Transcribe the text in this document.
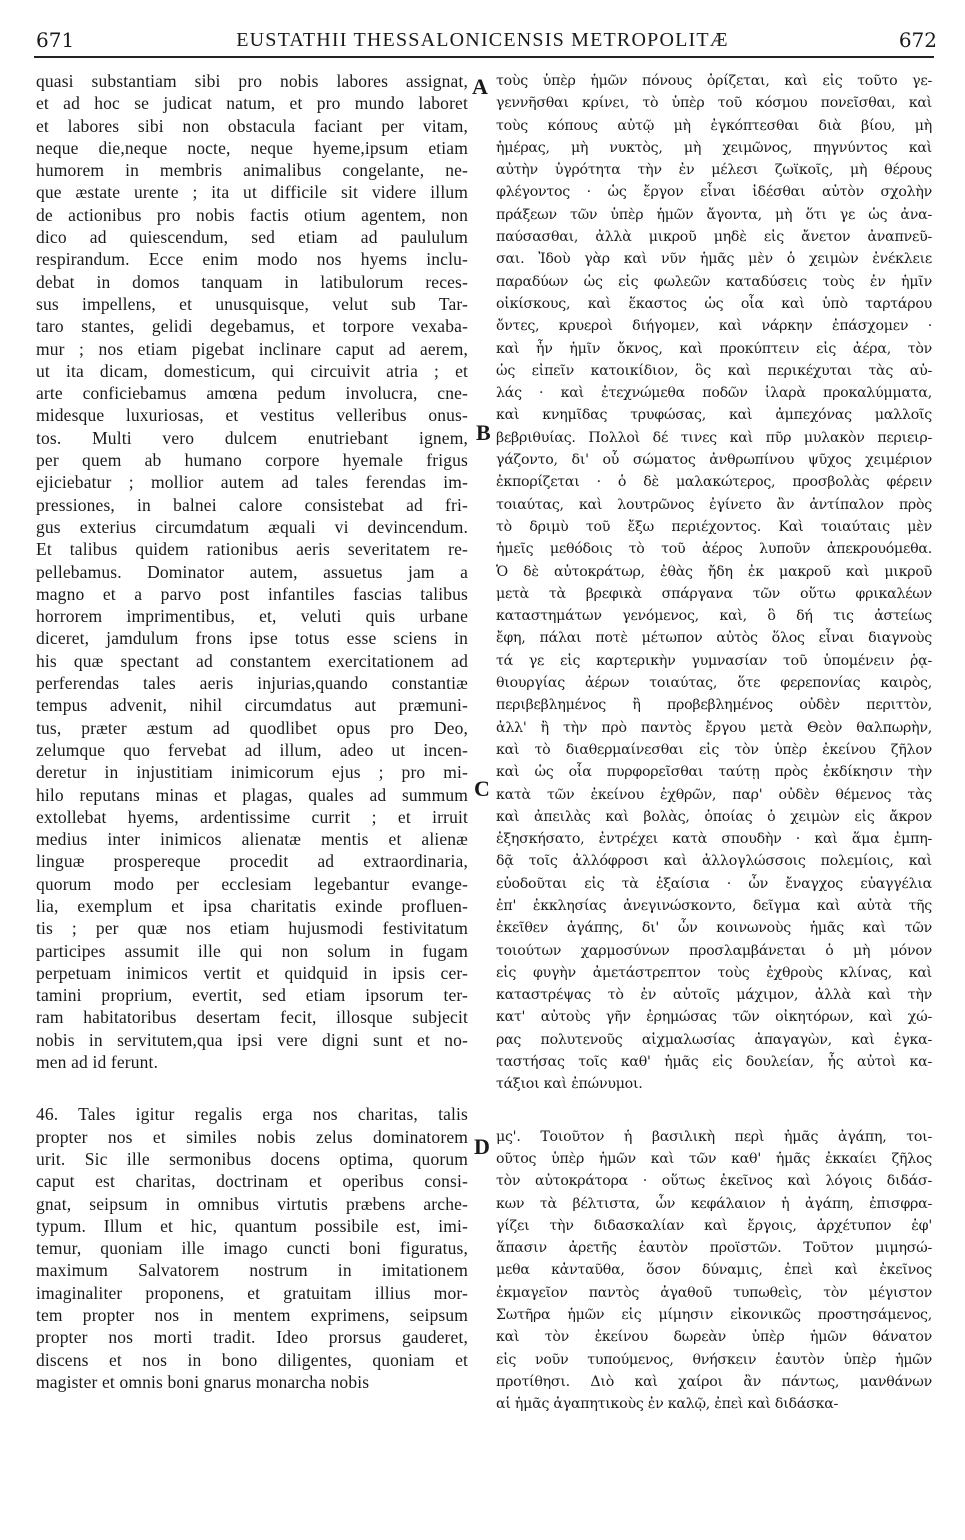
671	EUSTATHII THESSALONICENSIS METROPOLITÆ	672
quasi substantiam sibi pro nobis labores assignat,
et ad hoc se judicat natum, et pro mundo laboret
et labores sibi non obstacula faciant per vitam,
neque die,neque nocte, neque hyeme,ipsum etiam
humorem in membris animalibus congelante, ne-
que æstate urente ; ita ut difficile sit videre illum
de actionibus pro nobis factis otium agentem, non
dico ad quiescendum, sed etiam ad paululum
respirandum. Ecce enim modo nos hyems inclu-
debat in domos tanquam in latibulorum reces-
sus impellens, et unusquisque, velut sub Tar-
taro stantes, gelidi degebamus, et torpore vexaba-
mur ; nos etiam pigebat inclinare caput ad aerem,
ut ita dicam, domesticum, qui circuivit atria ; et
arte conficiebamus amœna pedum involucra, cne-
midesque luxuriosas, et vestitus velleribus onus-
tos. Multi vero dulcem enutriebant ignem,
per quem ab humano corpore hyemale frigus
ejiciebatur ; mollior autem ad tales ferendas im-
pressiones, in balnei calore consistebat ad fri-
gus exterius circumdatum æquali vi devincendum.
Et talibus quidem rationibus aeris severitatem re-
pellebamus. Dominator autem, assuetus jam a
magno et a parvo post infantiles fascias talibus
horrorem imprimentibus, et, veluti quis urbane
diceret, jamdulum frons ipse totus esse sciens in
his quæ spectant ad constantem exercitationem ad
perferendas tales aeris injurias,quando constantiæ
tempus advenit, nihil circumdatus aut præmuni-
tus, præter æstum ad quodlibet opus pro Deo,
zelumque quo fervebat ad illum, adeo ut incen-
deretur in injustitiam inimicorum ejus ; pro mi-
hilo reputans minas et plagas, quales ad summum
extollebat hyems, ardentissime currit ; et irruit
medius inter inimicos alienatæ mentis et alienæ
linguæ prospereque procedit ad extraordinaria,
quorum modo per ecclesiam legebantur evange-
lia, exemplum et ipsa charitatis exinde profluen-
tis ; per quæ nos etiam hujusmodi festivitatum
participes assumit ille qui non solum in fugam
perpetuam inimicos vertit et quidquid in ipsis cer-
tamini proprium, evertit, sed etiam ipsorum ter-
ram habitatoribus desertam fecit, illosque subjecit
nobis in servitutem,qua ipsi vere digni sunt et no-
men ad id ferunt.
46. Tales igitur regalis erga nos charitas, talis
propter nos et similes nobis zelus dominatorem
urit. Sic ille sermonibus docens optima, quorum
caput est charitas, doctrinam et operibus consi-
gnat, seipsum in omnibus virtutis præbens arche-
typum. Illum et hic, quantum possibile est, imi-
temur, quoniam ille imago cuncti boni figuratus,
maximum Salvatorem nostrum in imitationem
imaginaliter proponens, et gratuitam illius mor-
tem propter nos in mentem exprimens, seipsum
propter nos morti tradit. Ideo prorsus gauderet,
discens et nos in bono diligentes, quoniam et
magister et omnis boni gnarus monarcha nobis
τοὺς ὑπὲρ ἡμῶν πόνους ὁρίζεται, καὶ εἰς τοῦτο γε-
γεννῆσθαι κρίνει, τὸ ὑπὲρ τοῦ κόσμου πονεῖσθαι, καὶ
τοὺς κόπους αὐτῷ μὴ ἐγκόπτεσθαι διὰ βίου, μὴ
ἡμέρας, μὴ νυκτὸς, μὴ χειμῶνος, πηγνύντος καὶ
αὐτὴν ὑγρότητα τὴν ἐν μέλεσι ζωϊκοῖς, μὴ θέρους
φλέγοντος · ὡς ἔργον εἶναι ἰδέσθαι αὐτὸν σχολὴν
πράξεων τῶν ὑπὲρ ἡμῶν ἄγοντα, μὴ ὅτι γε ὡς ἀνα-
παύσασθαι, ἀλλὰ μικροῦ μηδὲ εἰς ἄνετον ἀναπνεῦ-
σαι. Ἰδοὺ γὰρ καὶ νῦν ἡμᾶς μὲν ὁ χειμὼν ἐνέκλειε
παραδύων ὡς εἰς φωλεῶν καταδύσεις τοὺς ἐν ἡμῖν
οἰκίσκους, καὶ ἕκαστος ὡς οἷα καὶ ὑπὸ ταρτάρου
ὄντες, κρυεροὶ διήγομεν, καὶ νάρκην ἐπάσχομεν ·
καὶ ἦν ἡμῖν ὄκνος, καὶ προκύπτειν εἰς ἀέρα, τὸν
ὡς εἰπεῖν κατοικίδιον, ὃς καὶ περικέχυται τὰς αὐ-
λάς · καὶ ἐτεχνώμεθα ποδῶν ἱλαρὰ προκαλύμματα,
καὶ κνημῖδας τρυφώσας, καὶ ἀμπεχόνας μαλλοῖς
βεβριθυίας. Πολλοὶ δέ τινες καὶ πῦρ μυλακὸν περιειρ-
γάζοντο, δι' οὗ σώματος ἀνθρωπίνου ψῦχος χειμέριον
ἐκπορίζεται · ὁ δὲ μαλακώτερος, προσβολὰς φέρειν
τοιαύτας, καὶ λουτρῶνος ἐγίνετο ἂν ἀντίπαλον πρὸς
τὸ δριμὺ τοῦ ἔξω περιέχοντος. Καὶ τοιαύταις μὲν
ἡμεῖς μεθόδοις τὸ τοῦ ἀέρος λυποῦν ἀπεκρουόμεθα.
Ὁ δὲ αὐτοκράτωρ, ἐθὰς ἤδη ἐκ μακροῦ καὶ μικροῦ
μετὰ τὰ βρεφικὰ σπάργανα τῶν οὕτω φρικαλέων
καταστημάτων γενόμενος, καὶ, ὃ δή τις ἀστείως
ἔφη, πάλαι ποτὲ μέτωπον αὐτὸς ὅλος εἶναι διαγνοὺς
τά γε εἰς καρτερικὴν γυμνασίαν τοῦ ὑπομένειν ῥᾳ-
θιουργίας ἀέρων τοιαύτας, ὅτε φερεπονίας καιρὸς,
περιβεβλημένος ἢ προβεβλημένος οὐδὲν περιττὸν,
ἀλλ' ἢ τὴν πρὸ παντὸς ἔργου μετὰ Θεὸν θαλπωρὴν,
καὶ τὸ διαθερμαίνεσθαι εἰς τὸν ὑπὲρ ἐκείνου ζῆλον
καὶ ὡς οἷα πυρφορεῖσθαι ταύτῃ πρὸς ἐκδίκησιν τὴν
κατὰ τῶν ἐκείνου ἐχθρῶν, παρ' οὐδὲν θέμενος τὰς
καὶ ἀπειλὰς καὶ βολὰς, ὁποίας ὁ χειμὼν εἰς ἄκρον
ἐξησκήσατο, ἐντρέχει κατὰ σπουδὴν · καὶ ἅμα ἐμπη-
δᾷ τοῖς ἀλλόφροσι καὶ ἀλλογλώσσοις πολεμίοις, καὶ
εὐοδοῦται εἰς τὰ ἐξαίσια · ὧν ἔναγχος εὐαγγέλια
ἐπ' ἐκκλησίας ἀνεγινώσκοντο, δεῖγμα καὶ αὐτὰ τῆς
ἐκεῖθεν ἀγάπης, δι' ὧν κοινωνοὺς ἡμᾶς καὶ τῶν
τοιούτων χαρμοσύνων προσλαμβάνεται ὁ μὴ μόνον
εἰς φυγὴν ἀμετάστρεπτον τοὺς ἐχθροὺς κλίνας, καὶ
καταστρέψας τὸ ἐν αὐτοῖς μάχιμον, ἀλλὰ καὶ τὴν
κατ' αὐτοὺς γῆν ἐρημώσας τῶν οἰκητόρων, καὶ χώ-
ρας πολυτενοῦς αἰχμαλωσίας ἀπαγαγὼν, καὶ ἐγκα-
ταστήσας τοῖς καθ' ἡμᾶς εἰς δουλείαν, ἧς αὐτοὶ κα-
τάξιοι καὶ ἐπώνυμοι.
μς'. Τοιοῦτον ἡ βασιλικὴ περὶ ἡμᾶς ἀγάπη, τοι-
οῦτος ὑπὲρ ἡμῶν καὶ τῶν καθ' ἡμᾶς ἐκκαίει ζῆλος
τὸν αὐτοκράτορα · οὕτως ἐκεῖνος καὶ λόγοις διδάσ-
κων τὰ βέλτιστα, ὧν κεφάλαιον ἡ ἀγάπη, ἐπισφρα-
γίζει τὴν διδασκαλίαν καὶ ἔργοις, ἀρχέτυπον ἐφ'
ἅπασιν ἀρετῆς ἑαυτὸν προϊστῶν. Τοῦτον μιμησώ-
μεθα κἀνταῦθα, ὅσον δύναμις, ἐπεὶ καὶ ἐκεῖνος
ἐκμαγεῖον παντὸς ἀγαθοῦ τυπωθεὶς, τὸν μέγιστον
Σωτῆρα ἡμῶν εἰς μίμησιν εἰκονικῶς προστησάμενος,
καὶ τὸν ἐκείνου δωρεὰν ὑπὲρ ἡμῶν θάνατον
εἰς νοῦν τυπούμενος, θνήσκειν ἑαυτὸν ὑπὲρ ἡμῶν
προτίθησι. Διὸ καὶ χαίροι ἂν πάντως, μανθάνων
αἱ ἡμᾶς ἀγαπητικοὺς ἐν καλῷ, ἐπεὶ καὶ διδάσκα-
A
B
C
D
